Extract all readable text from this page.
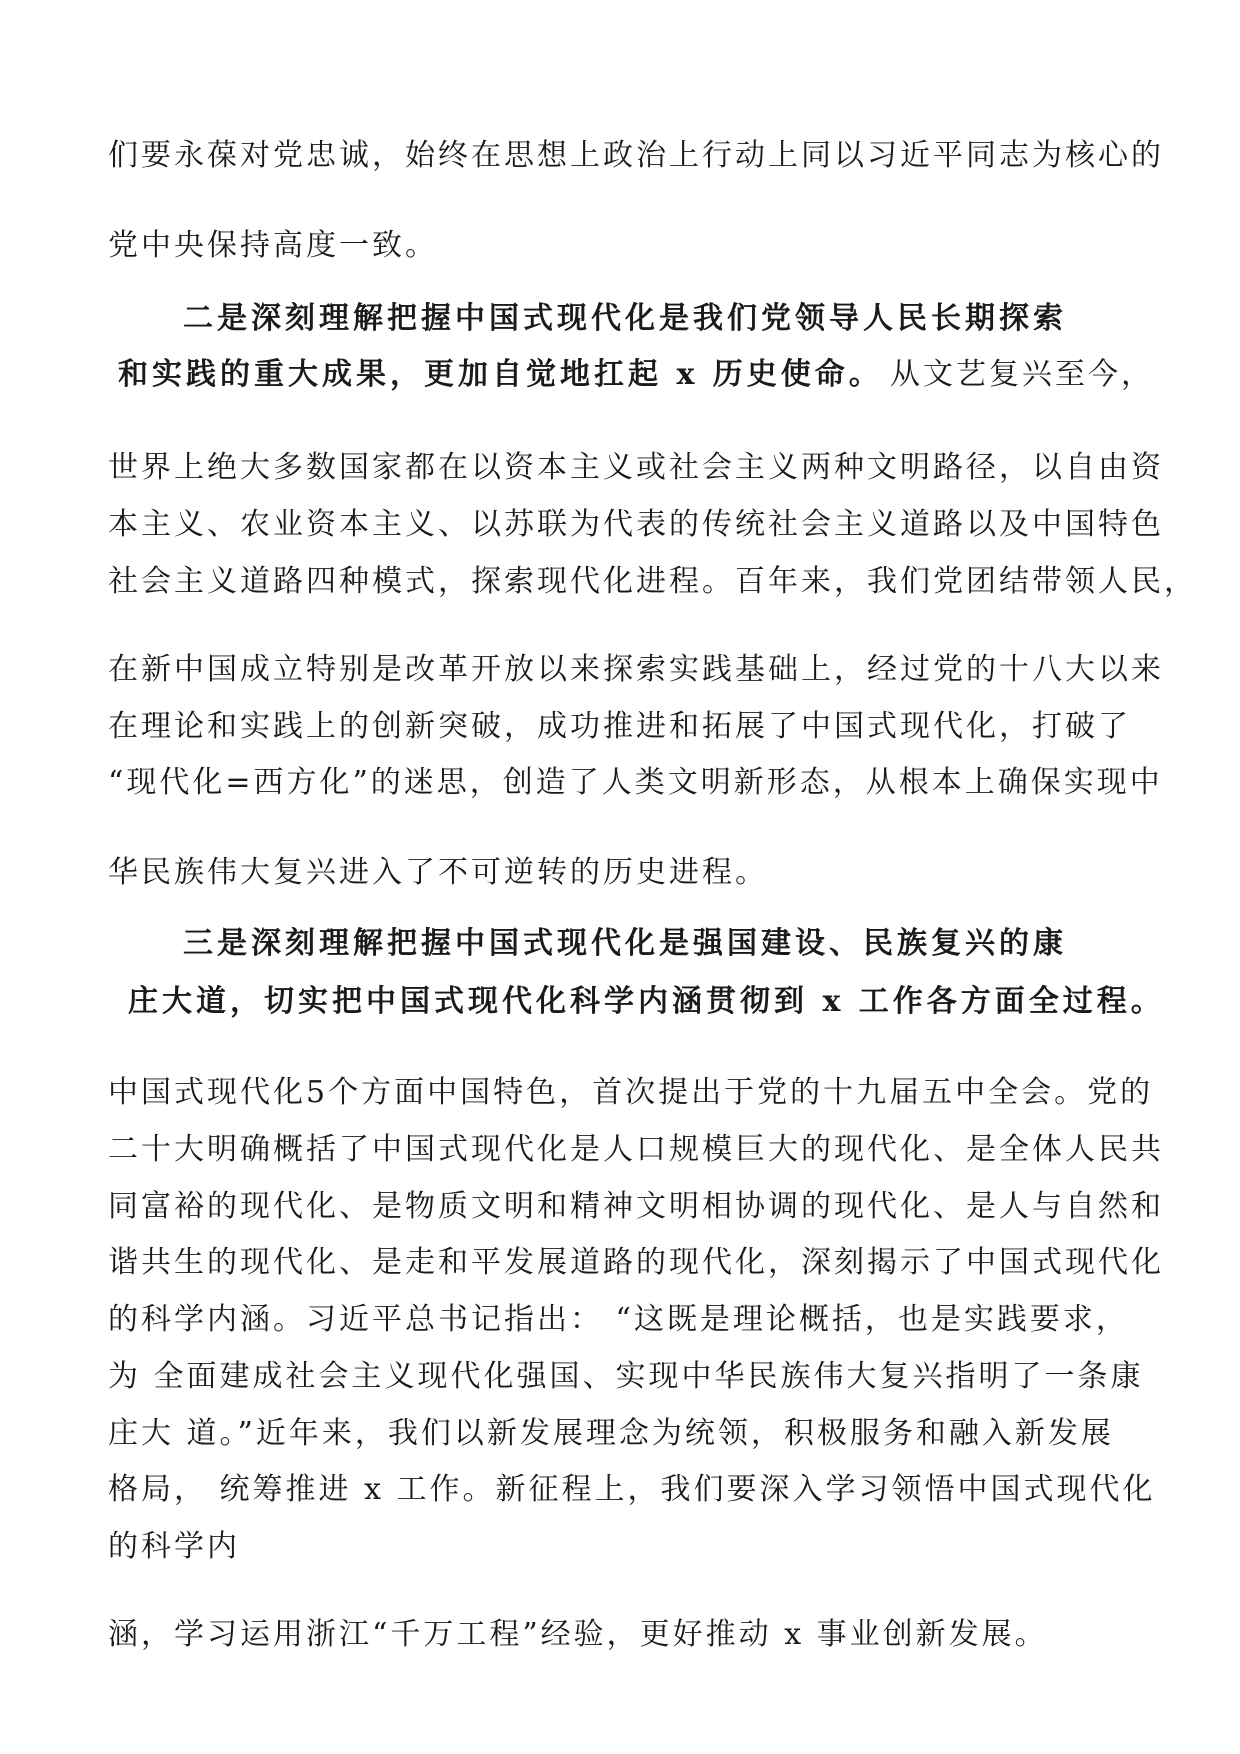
们要永葆对党忠诚，始终在思想上政治上行动上同以习近平同志为核心的
党中央保持高度一致。
二是深刻理解把握中国式现代化是我们党领导人民长期探索
和实践的重大成果，更加自觉地扛起 x 历史使命。 从文艺复兴至今，
世界上绝大多数国家都在以资本主义或社会主义两种文明路径，以自由资
本主义、农业资本主义、以苏联为代表的传统社会主义道路以及中国特色
社会主义道路四种模式，探索现代化进程。百年来，我们党团结带领人民，
在新中国成立特别是改革开放以来探索实践基础上，经过党的十八大以来
在理论和实践上的创新突破，成功推进和拓展了中国式现代化，打破了
“现代化=西方化”的迷思，创造了人类文明新形态，从根本上确保实现中
华民族伟大复兴进入了不可逆转的历史进程。
三是深刻理解把握中国式现代化是强国建设、民族复兴的康
庄大道，切实把中国式现代化科学内涵贯彻到 x 工作各方面全过程。
中国式现代化5个方面中国特色，首次提出于党的十九届五中全会。党的
二十大明确概括了中国式现代化是人口规模巨大的现代化、是全体人民共
同富裕的现代化、是物质文明和精神文明相协调的现代化、是人与自然和
谐共生的现代化、是走和平发展道路的现代化，深刻揭示了中国式现代化
的科学内涵。习近平总书记指出： “这既是理论概括，也是实践要求，
为 全面建成社会主义现代化强国、实现中华民族伟大复兴指明了一条康
庄大 道。”近年来，我们以新发展理念为统领，积极服务和融入新发展
格局， 统筹推进 x 工作。新征程上，我们要深入学习领悟中国式现代化
的科学内
涵，学习运用浙江“千万工程”经验，更好推动 x 事业创新发展。
